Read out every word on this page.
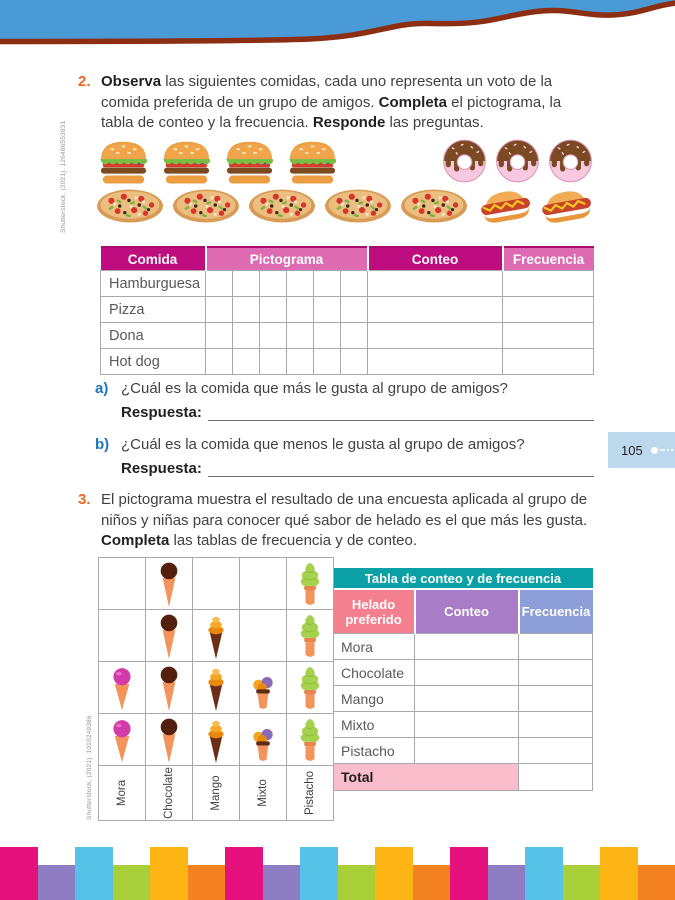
2. Observa las siguientes comidas, cada uno representa un voto de la comida preferida de un grupo de amigos. Completa el pictograma, la tabla de conteo y la frecuencia. Responde las preguntas.
Shutterstock, (2021). 126486553831
Comida	Pictograma						Conteo	Frecuencia
Hamburguesa								
Pizza								
Dona								
Hot dog								
a) ¿Cuál es la comida que más le gusta al grupo de amigos?
Respuesta:
b) ¿Cuál es la comida que menos le gusta al grupo de amigos?
Respuesta:
105
3. El pictograma muestra el resultado de una encuesta aplicada al grupo de niños y niñas para conocer qué sabor de helado es el que más les gusta. Completa las tablas de frecuencia y de conteo.
Shutterstock, (2021). 1010249386

	Mora	Chocolate	Mango	Mixto	Pistacho
Tabla de conteo y de frecuencia		
Helado preferido	Conteo	Frecuencia
Mora		
Chocolate		
Mango		
Mixto		
Pistacho		
Total		
